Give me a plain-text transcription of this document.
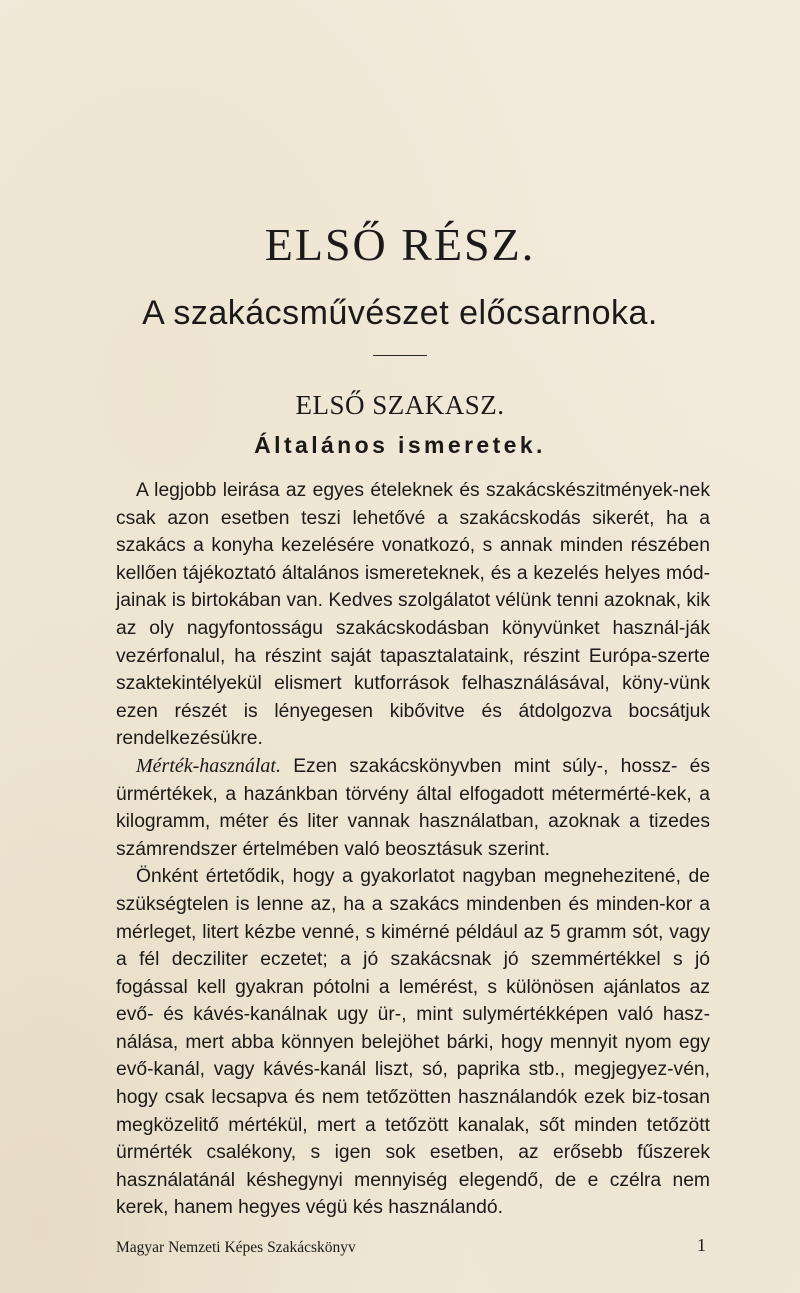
ELSŐ RÉSZ.
A szakácsművészet előcsarnoka.
ELSŐ SZAKASZ.
Általános ismeretek.

A legjobb leirása az egyes ételeknek és szakácskészitmények-nek csak azon esetben teszi lehetővé a szakácskodás sikerét, ha a szakács a konyha kezelésére vonatkozó, s annak minden részében kellően tájékoztató általános ismereteknek, és a kezelés helyes mód-jainak is birtokában van. Kedves szolgálatot vélünk tenni azoknak, kik az oly nagyfontosságu szakácskodásban könyvünket használ-ják vezérfonalul, ha részint saját tapasztalataink, részint Európa-szerte szaktekintélyekül elismert kutforrások felhasználásával, köny-vünk ezen részét is lényegesen kibővitve és átdolgozva bocsátjuk rendelkezésükre.

Mérték-használat. Ezen szakácskönyvben mint súly-, hossz- és ürmértékek, a hazánkban törvény által elfogadott métermérté-kek, a kilogramm, méter és liter vannak használatban, azoknak a tizedes számrendszer értelmében való beosztásuk szerint.

Önként értetődik, hogy a gyakorlatot nagyban megnehezitené, de szükségtelen is lenne az, ha a szakács mindenben és minden-kor a mérleget, litert kézbe venné, s kimérné például az 5 gramm sót, vagy a fél decziliter eczetet; a jó szakácsnak jó szemmértékkel s jó fogással kell gyakran pótolni a lemérést, s különösen ajánlatos az evő- és kávés-kanálnak ugy ür-, mint sulymértékképen való hasz-nálása, mert abba könnyen belejöhet bárki, hogy mennyit nyom egy evő-kanál, vagy kávés-kanál liszt, só, paprika stb., megjegyez-vén, hogy csak lecsapva és nem tetőzötten használandók ezek biz-tosan megközelitő mértékül, mert a tetőzött kanalak, sőt minden tetőzött ürmérték csalékony, s igen sok esetben, az erősebb fűszerek használatánál késhegynyi mennyiség elegendő, de e czélra nem kerek, hanem hegyes végü kés használandó.

Magyar Nemzeti Képes Szakácskönyv	1
